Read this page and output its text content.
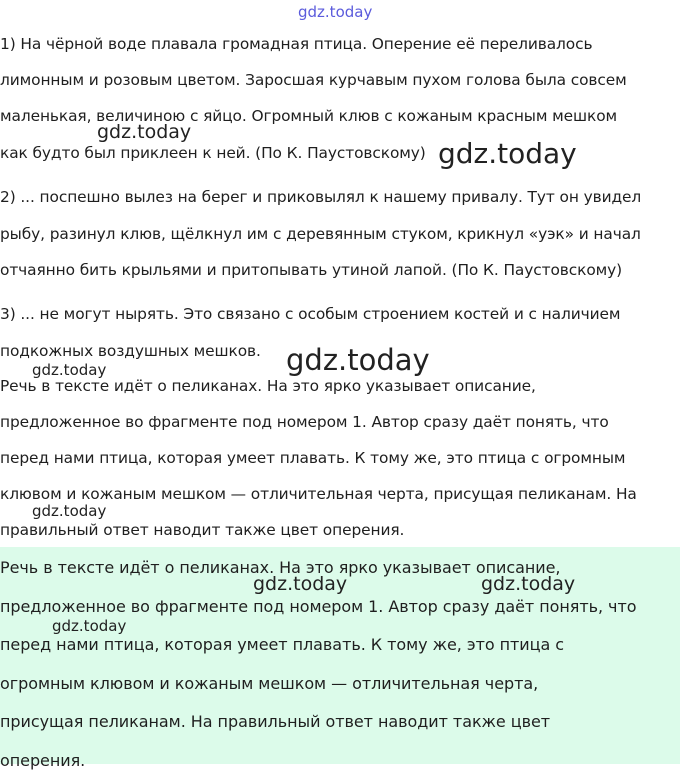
1) На чёрной воде плавала громадная птица. Оперение её переливалось
лимонным и розовым цветом. Заросшая курчавым пухом голова была совсем
маленькая, величиною с яйцо. Огромный клюв с кожаным красным мешком
как будто был приклеен к ней. (По К. Паустовскому)
2) ... поспешно вылез на берег и приковылял к нашему привалу. Тут он увидел
рыбу, разинул клюв, щёлкнул им с деревянным стуком, крикнул «уэк» и начал
отчаянно бить крыльями и притопывать утиной лапой. (По К. Паустовскому)
3) ... не могут нырять. Это связано с особым строением костей и с наличием
подкожных воздушных мешков.
Речь в тексте идёт о пеликанах. На это ярко указывает описание,
предложенное во фрагменте под номером 1. Автор сразу даёт понять, что
перед нами птица, которая умеет плавать. К тому же, это птица с огромным
клювом и кожаным мешком — отличительная черта, присущая пеликанам. На
правильный ответ наводит также цвет оперения.
Речь в тексте идёт о пеликанах. На это ярко указывает описание,
предложенное во фрагменте под номером 1. Автор сразу даёт понять, что
перед нами птица, которая умеет плавать. К тому же, это птица с
огромным клювом и кожаным мешком — отличительная черта,
присущая пеликанам. На правильный ответ наводит также цвет
оперения.
gdz.today
gdz.today
gdz.today
gdz.today
gdz.today
gdz.today
gdz.today	gdz.today
gdz.today
